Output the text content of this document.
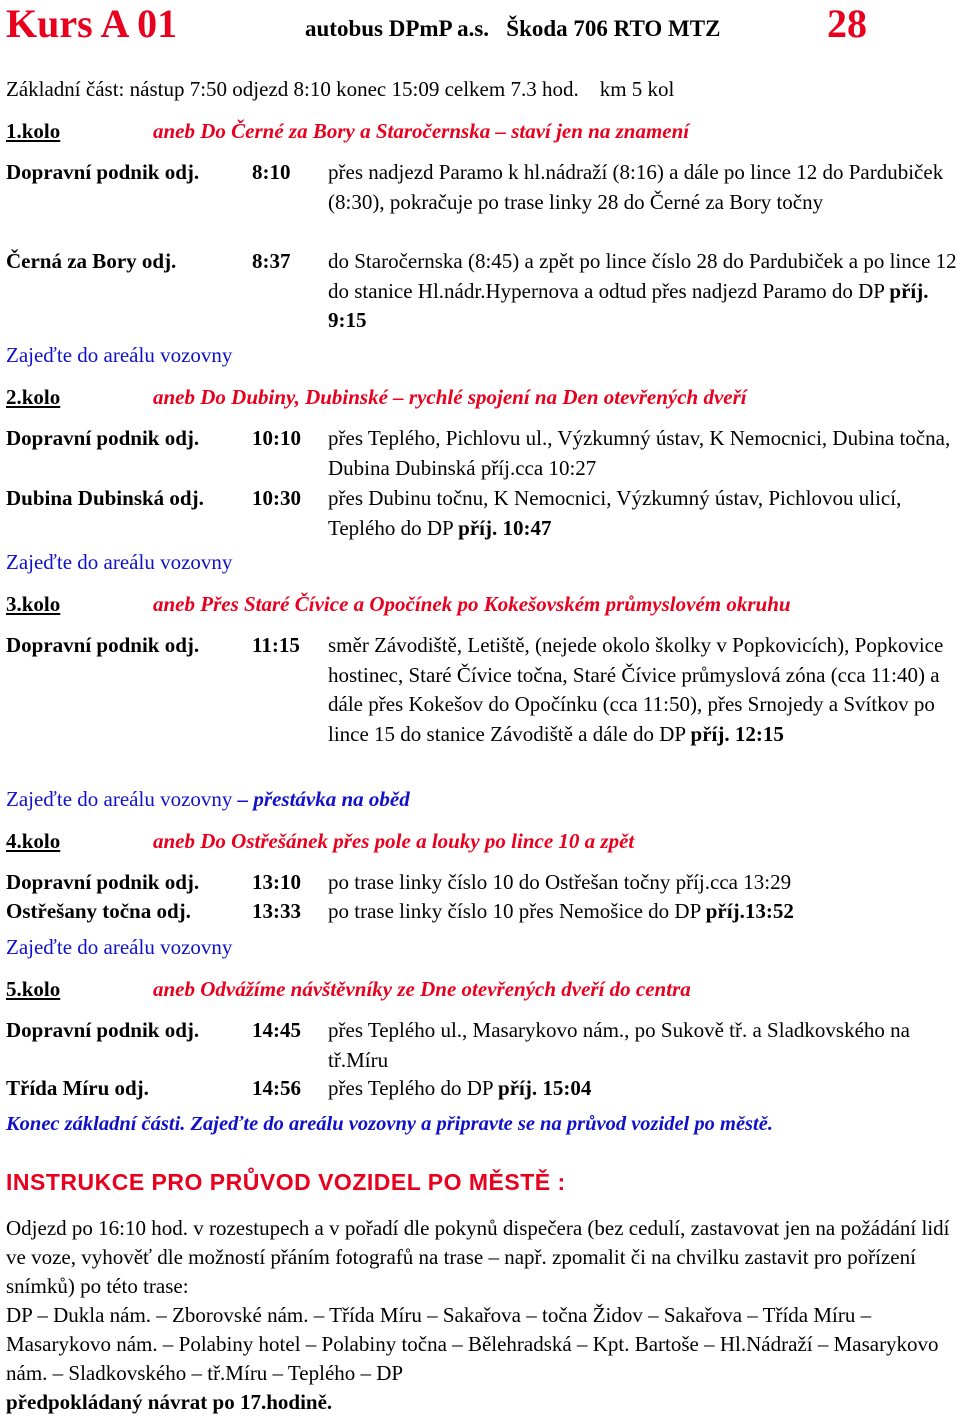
Kurs A 01	autobus DPmP a.s.   Škoda 706 RTO MTZ	28
Základní část: nástup 7:50 odjezd 8:10 konec 15:09 celkem 7.3 hod.    km 5 kol
1.kolo	aneb Do Černé za Bory a Staročernska – staví jen na znamení
Dopravní podnik odj.	8:10 přes nadjezd Paramo k hl.nádraží (8:16) a dále po lince 12 do Pardubiček (8:30), pokračuje po trase linky 28 do Černé za Bory točny
Černá za Bory odj.	8:37 do Staročernska (8:45) a zpět po lince číslo 28 do Pardubiček a po lince 12 do stanice Hl.nádr.Hypernova a odtud přes nadjezd Paramo do DP příj. 9:15
Zajeďte do areálu vozovny
2.kolo	aneb Do Dubiny, Dubinské – rychlé spojení na Den otevřených dveří
Dopravní podnik odj.	10:10 přes Teplého, Pichlovu ul., Výzkumný ústav, K Nemocnici, Dubina točna, Dubina Dubinská příj.cca 10:27
Dubina Dubinská odj. 10:30 přes Dubinu točnu, K Nemocnici, Výzkumný ústav, Pichlovou ulicí, Teplého do DP příj. 10:47
Zajeďte do areálu vozovny
3.kolo	aneb Přes Staré Čívice a Opočínek po Kokešovském průmyslovém okruhu
Dopravní podnik odj.	11:15 směr Závodiště, Letiště, (nejede okolo školky v Popkovicích), Popkovice hostinec, Staré Čívice točna, Staré Čívice průmyslová zóna (cca 11:40) a dále přes Kokešov do Opočínku (cca 11:50), přes Srnojedy a Svítkov po lince 15 do stanice Závodiště a dále do DP příj. 12:15
Zajeďte do areálu vozovny – přestávka na oběd
4.kolo	aneb Do Ostřešánek přes pole a louky po lince 10 a zpět
Dopravní podnik odj.	13:10 po trase linky číslo 10 do Ostřešan točny příj.cca 13:29
Ostřešany točna odj.	13:33 po trase linky číslo 10 přes Nemošice do DP příj.13:52
Zajeďte do areálu vozovny
5.kolo	aneb Odvážíme návštěvníky ze Dne otevřených dveří do centra
Dopravní podnik odj.	14:45 přes Teplého ul., Masarykovo nám., po Sukově tř. a Sladkovského na tř.Míru
Třída Míru odj.	14:56 přes Teplého do DP příj. 15:04
Konec základní části. Zajeďte do areálu vozovny a připravte se na průvod vozidel po městě.
INSTRUKCE PRO PRŮVOD VOZIDEL PO MĚSTĚ :
Odjezd po 16:10 hod. v rozestupech a v pořadí dle pokynů dispečera (bez cedulí, zastavovat jen na požádání lidí ve voze, vyhověť dle možností přáním fotografů na trase – např. zpomalit či na chvilku zastavit pro pořízení snímků) po této trase:
DP – Dukla nám. – Zborovské nám. – Třída Míru – Sakařova – točna Židov – Sakařova – Třída Míru – Masarykovo nám. – Polabiny hotel – Polabiny točna – Bělehradská – Kpt. Bartoše – Hl.Nádraží – Masarykovo nám. – Sladkovského – tř.Míru – Teplého – DP
předpokládaný návrat po 17.hodině.
